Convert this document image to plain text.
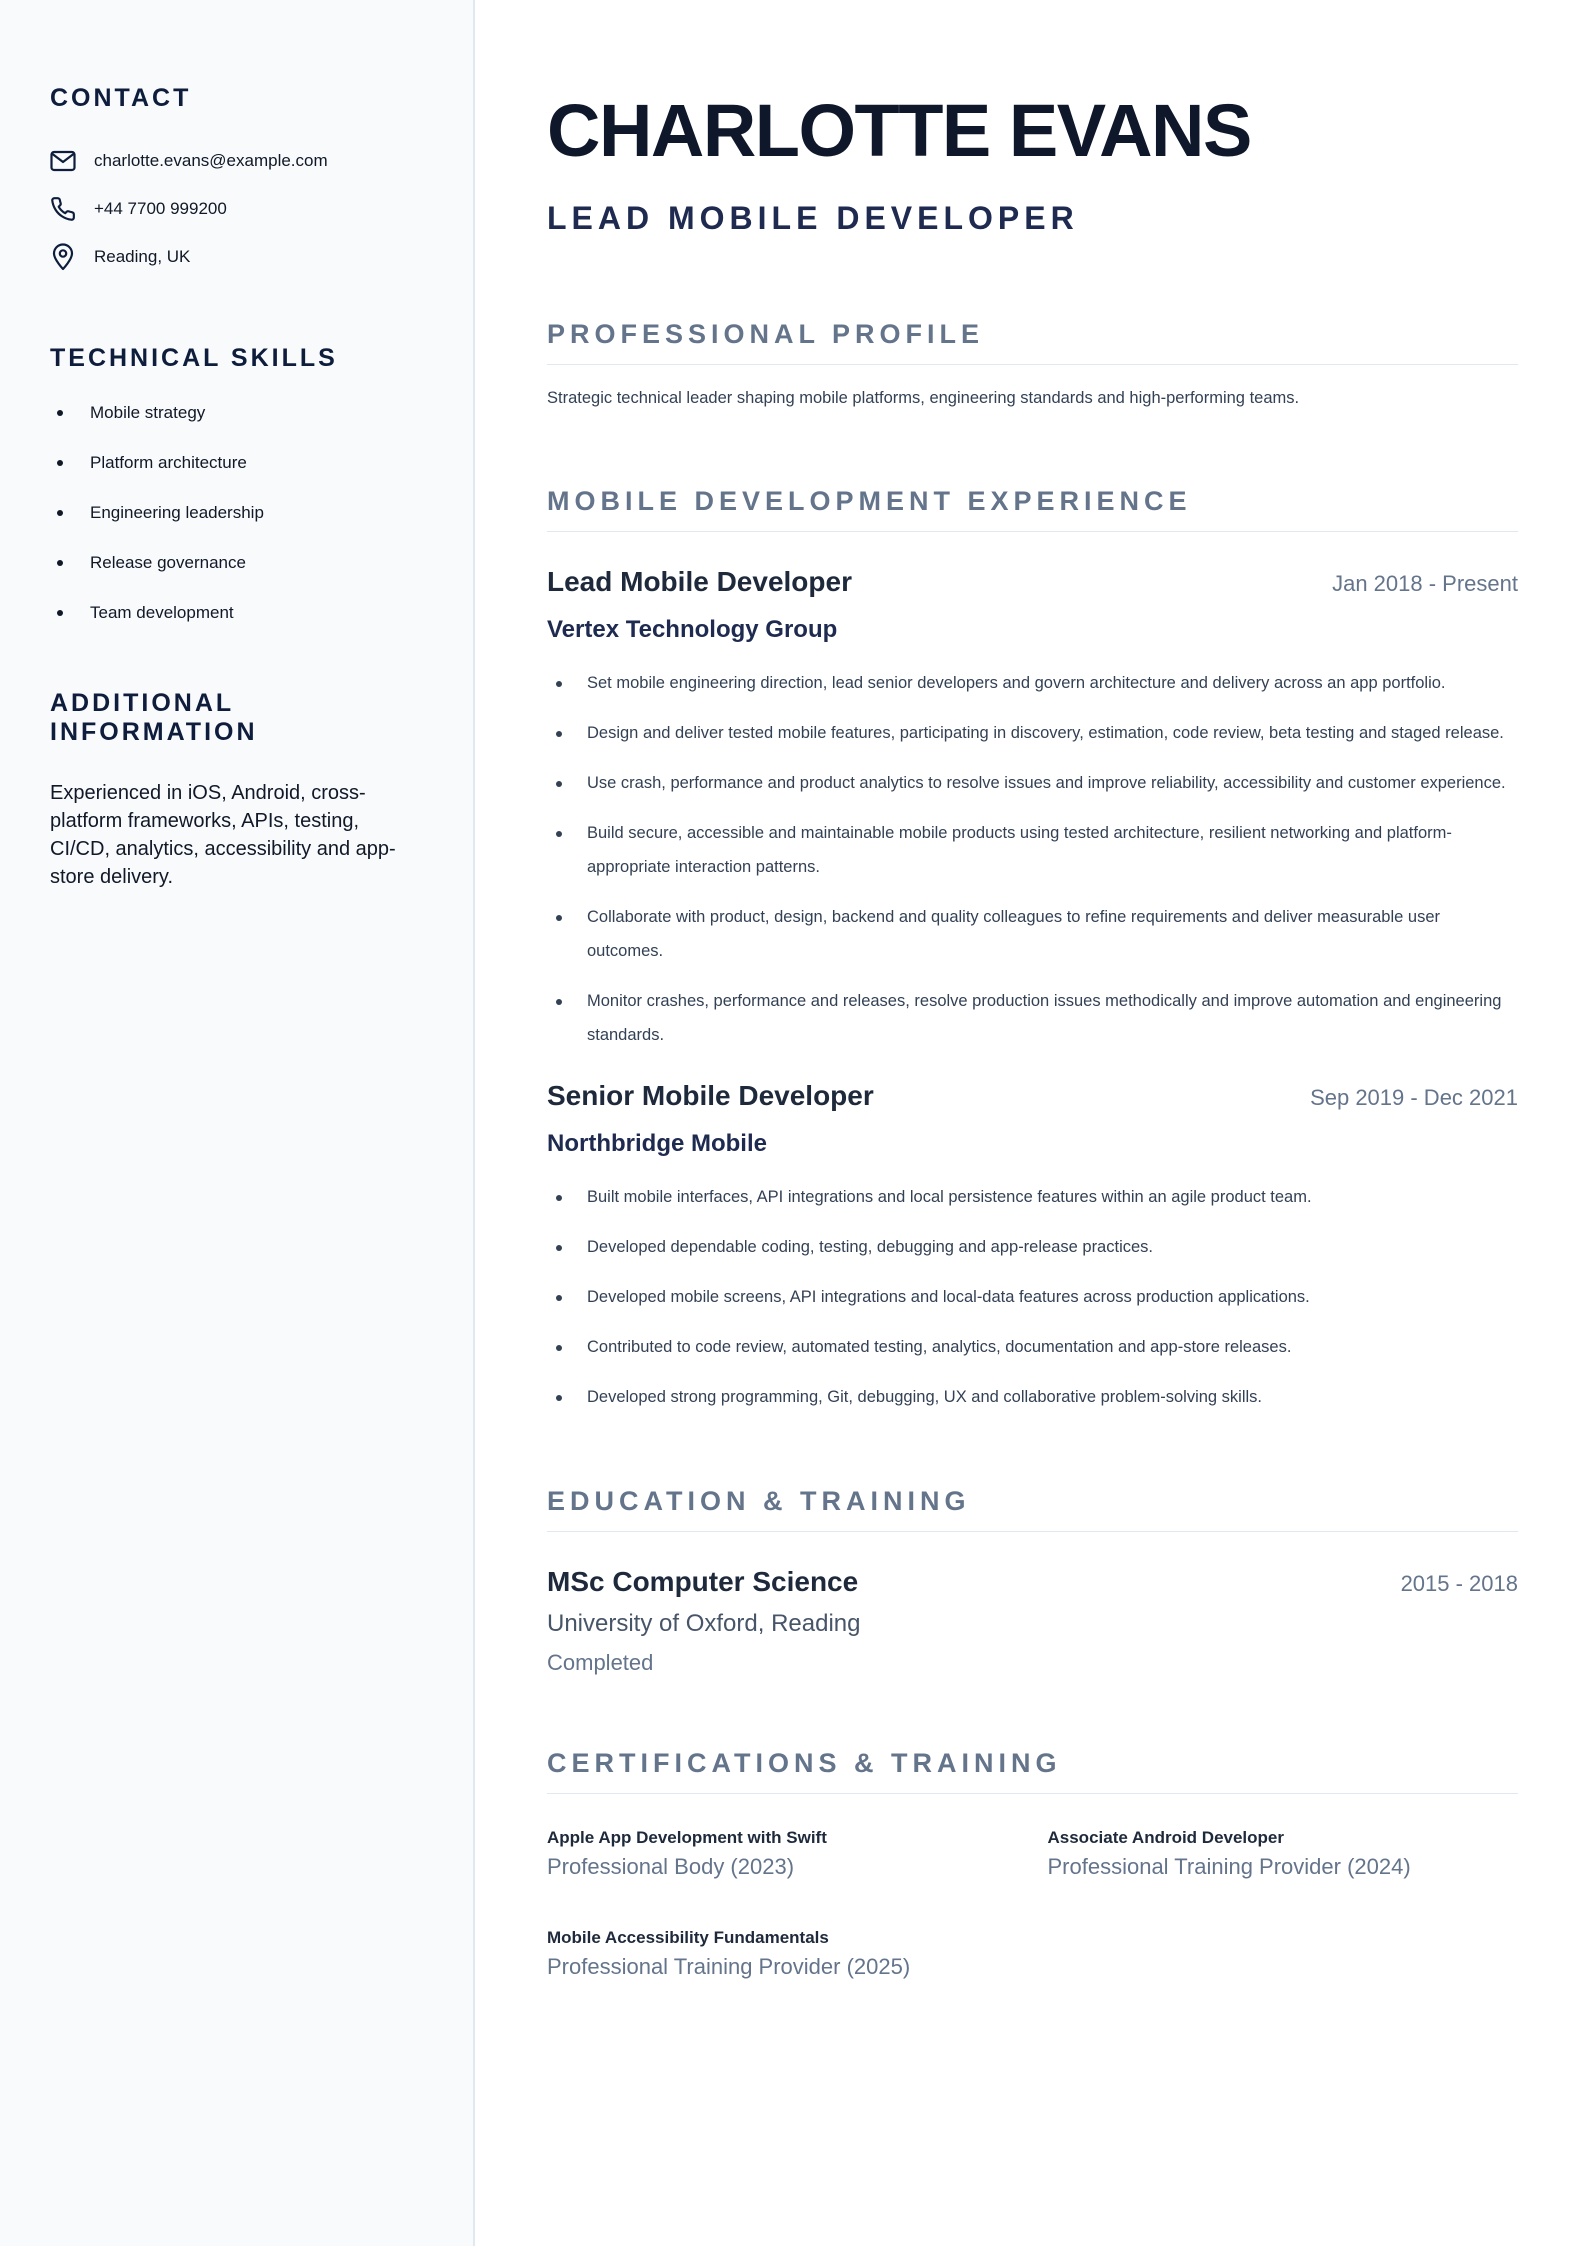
CONTACT
charlotte.evans@example.com
+44 7700 999200
Reading, UK
TECHNICAL SKILLS
Mobile strategy
Platform architecture
Engineering leadership
Release governance
Team development
ADDITIONAL INFORMATION

Experienced in iOS, Android, cross-platform frameworks, APIs, testing, CI/CD, analytics, accessibility and app-store delivery.

CHARLOTTE EVANS
LEAD MOBILE DEVELOPER
PROFESSIONAL PROFILE
Strategic technical leader shaping mobile platforms, engineering standards and high-performing teams.
MOBILE DEVELOPMENT EXPERIENCE
Lead Mobile Developer	Jan 2018 - Present
Vertex Technology Group
Set mobile engineering direction, lead senior developers and govern architecture and delivery across an app portfolio.
Design and deliver tested mobile features, participating in discovery, estimation, code review, beta testing and staged release.
Use crash, performance and product analytics to resolve issues and improve reliability, accessibility and customer experience.
Build secure, accessible and maintainable mobile products using tested architecture, resilient networking and platform-appropriate interaction patterns.
Collaborate with product, design, backend and quality colleagues to refine requirements and deliver measurable user outcomes.
Monitor crashes, performance and releases, resolve production issues methodically and improve automation and engineering standards.
Senior Mobile Developer	Sep 2019 - Dec 2021
Northbridge Mobile
Built mobile interfaces, API integrations and local persistence features within an agile product team.
Developed dependable coding, testing, debugging and app-release practices.
Developed mobile screens, API integrations and local-data features across production applications.
Contributed to code review, automated testing, analytics, documentation and app-store releases.
Developed strong programming, Git, debugging, UX and collaborative problem-solving skills.
EDUCATION & TRAINING
MSc Computer Science	2015 - 2018
University of Oxford, Reading
Completed
CERTIFICATIONS & TRAINING
Apple App Development with Swift
Professional Body (2023)
Associate Android Developer
Professional Training Provider (2024)
Mobile Accessibility Fundamentals
Professional Training Provider (2025)
